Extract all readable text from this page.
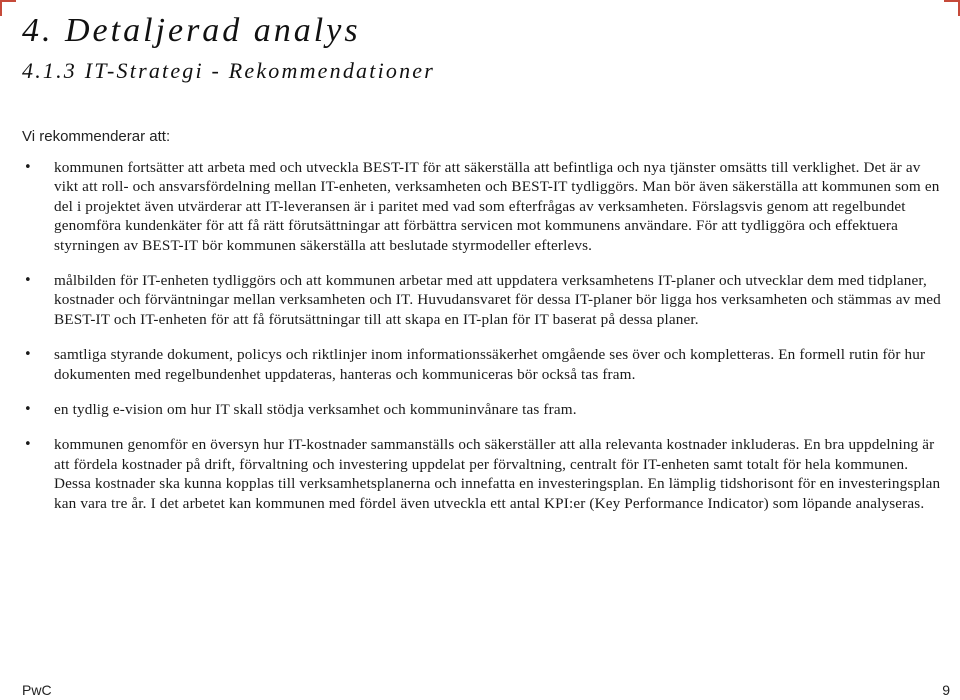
4. Detaljerad analys
4.1.3 IT-Strategi - Rekommendationer

Vi rekommenderar att:

• kommunen fortsätter att arbeta med och utveckla BEST-IT för att säkerställa att befintliga och nya tjänster omsätts till verklighet. Det är av vikt att roll- och ansvarsfördelning mellan IT-enheten, verksamheten och BEST-IT tydliggörs. Man bör även säkerställa att kommunen som en del i projektet även utvärderar att IT-leveransen är i paritet med vad som efterfrågas av verksamheten. Förslagsvis genom att regelbundet genomföra kundenkäter för att få rätt förutsättningar att förbättra servicen mot kommunens användare. För att tydliggöra och effektuera styrningen av BEST-IT bör kommunen säkerställa att beslutade styrmodeller efterlevs.
• målbilden för IT-enheten tydliggörs och att kommunen arbetar med att uppdatera verksamhetens IT-planer och utvecklar dem med tidplaner, kostnader och förväntningar mellan verksamheten och IT. Huvudansvaret för dessa IT-planer bör ligga hos verksamheten och stämmas av med BEST-IT och IT-enheten för att få förutsättningar till att skapa en IT-plan för IT baserat på dessa planer.
• samtliga styrande dokument, policys och riktlinjer inom informationssäkerhet omgående ses över och kompletteras. En formell rutin för hur dokumenten med regelbundenhet uppdateras, hanteras och kommuniceras bör också tas fram.
• en tydlig e-vision om hur IT skall stödja verksamhet och kommuninvånare tas fram.
• kommunen genomför en översyn hur IT-kostnader sammanställs och säkerställer att alla relevanta kostnader inkluderas. En bra uppdelning är att fördela kostnader på drift, förvaltning och investering uppdelat per förvaltning, centralt för IT-enheten samt totalt för hela kommunen. Dessa kostnader ska kunna kopplas till verksamhetsplanerna och innefatta en investeringsplan. En lämplig tidshorisont för en investeringsplan kan vara tre år. I det arbetet kan kommunen med fördel även utveckla ett antal KPI:er (Key Performance Indicator) som löpande analyseras.
PwC	9
